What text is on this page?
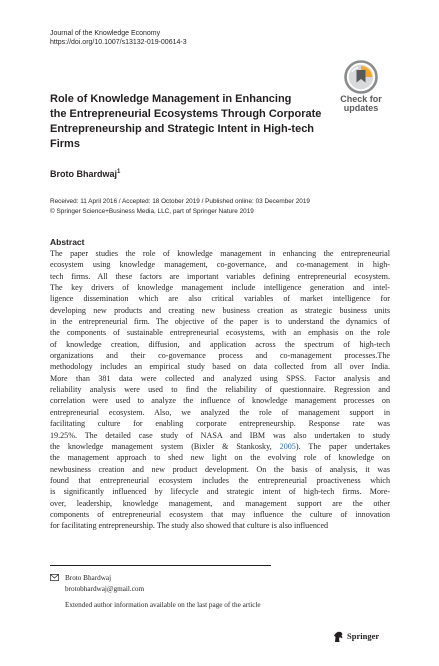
Journal of the Knowledge Economy
https://doi.org/10.1007/s13132-019-00614-3
Check for
updates
Role of Knowledge Management in Enhancing
the Entrepreneurial Ecosystems Through Corporate
Entrepreneurship and Strategic Intent in High-tech
Firms
Broto Bhardwaj$^1$
Received: 11 April 2016 / Accepted: 18 October 2019 / Published online: 03 December 2019
© Springer Science+Business Media, LLC, part of Springer Nature 2019
Abstract
The paper studies the role of knowledge management in enhancing the entrepreneurial
ecosystem using knowledge management, co-governance, and co-management in high-
tech firms. All these factors are important variables defining entrepreneurial ecosystem.
The key drivers of knowledge management include intelligence generation and intel-
ligence dissemination which are also critical variables of market intelligence for
developing new products and creating new business creation as strategic business units
in the entrepreneurial firm. The objective of the paper is to understand the dynamics of
the components of sustainable entrepreneurial ecosystems, with an emphasis on the role
of knowledge creation, diffusion, and application across the spectrum of high-tech
organizations and their co-governance process and co-management processes.The
methodology includes an empirical study based on data collected from all over India.
More than 381 data were collected and analyzed using SPSS. Factor analysis and
reliability analysis were used to find the reliability of questionnaire. Regression and
correlation were used to analyze the influence of knowledge management processes on
entrepreneurial ecosystem. Also, we analyzed the role of management support in
facilitating culture for enabling corporate entrepreneurship. Response rate was
19.25%. The detailed case study of NASA and IBM was also undertaken to study
the knowledge management system (Bixler & Stankosky, 2005). The paper undertakes
the management approach to shed new light on the evolving role of knowledge on
newbusiness creation and new product development. On the basis of analysis, it was
found that entrepreneurial ecosystem includes the entrepreneurial proactiveness which
is significantly influenced by lifecycle and strategic intent of high-tech firms. More-
over, leadership, knowledge management, and management support are the other
components of entrepreneurial ecosystem that may influence the culture of innovation
for facilitating entrepreneurship. The study also showed that culture is also influenced
Broto Bhardwaj
brotobhardwaj@gmail.com
Extended author information available on the last page of the article
Springer
